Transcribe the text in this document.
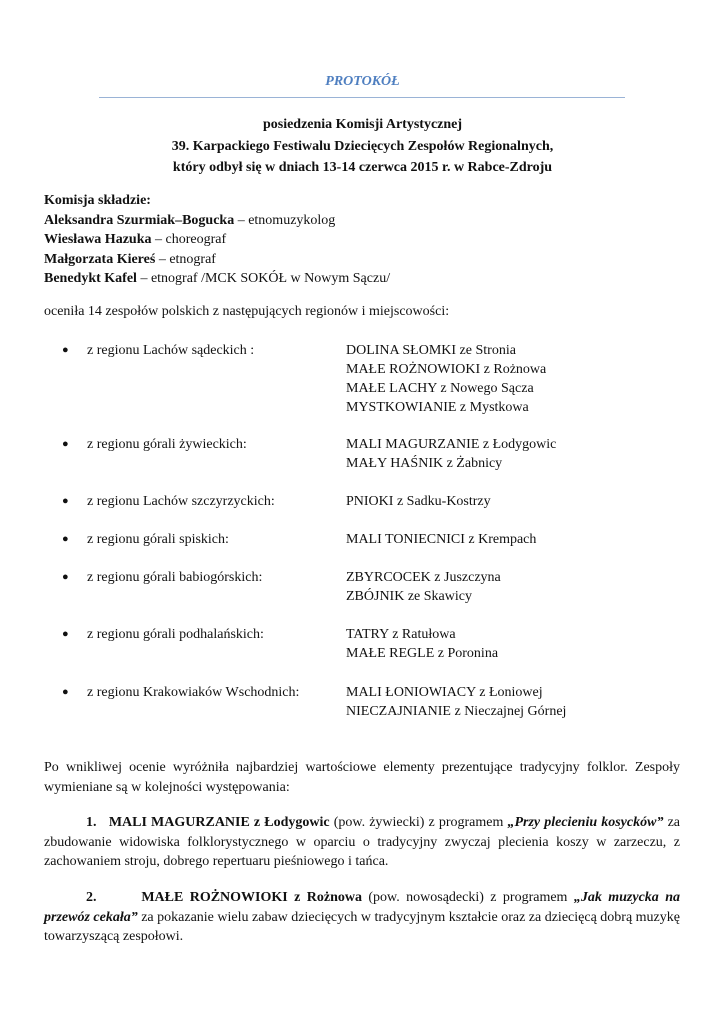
PROTOKÓŁ
posiedzenia Komisji Artystycznej
39. Karpackiego Festiwalu Dziecięcych Zespołów Regionalnych,
który odbył się w dniach 13-14 czerwca 2015 r. w Rabce-Zdroju
Komisja składzie:
Aleksandra Szurmiak–Bogucka – etnomuzykolog
Wiesława Hazuka – choreograf
Małgorzata Kiereś – etnograf
Benedykt Kafel – etnograf /MCK SOKÓŁ w Nowym Sączu/
oceniła 14 zespołów polskich z następujących regionów i miejscowości:
● z regionu Lachów sądeckich :	DOLINA SŁOMKI ze Stronia
MAŁE ROŻNOWIOKI z Rożnowa
MAŁE LACHY z Nowego Sącza
MYSTKOWIANIE z Mystkowa
● z regionu górali żywieckich:	MALI MAGURZANIE z Łodygowic
MAŁY HAŚNIK z Żabnicy
● z regionu Lachów szczyrzyckich:	PNIOKI z Sadku-Kostrzy
● z regionu górali spiskich:	MALI TONIECNICI z Krempach
● z regionu górali babiogórskich:	ZBYRCOCEK z Juszczyna
ZBÓJNIK ze Skawicy
● z regionu górali podhalańskich:	TATRY z Ratułowa
MAŁE REGLE z Poronina
● z regionu Krakowiaków Wschodnich:	MALI ŁONIOWIACY z Łoniowej
NIECZAJNIANIE z Nieczajnej Górnej
Po wnikliwej ocenie wyróżniła najbardziej wartościowe elementy prezentujące tradycyjny folklor. Zespoły wymieniane są w kolejności występowania:
1. MALI MAGURZANIE z Łodygowic (pow. żywiecki) z programem „Przy plecieniu kosycków” za zbudowanie widowiska folklorystycznego w oparciu o tradycyjny zwyczaj plecienia koszy w zarzeczu, z zachowaniem stroju, dobrego repertuaru pieśniowego i tańca.
2.	MAŁE ROŻNOWIOKI z Rożnowa (pow. nowosądecki) z programem „Jak muzycka na przewóz cekała” za pokazanie wielu zabaw dziecięcych w tradycyjnym kształcie oraz za dziecięcą dobrą muzykę towarzyszącą zespołowi.
